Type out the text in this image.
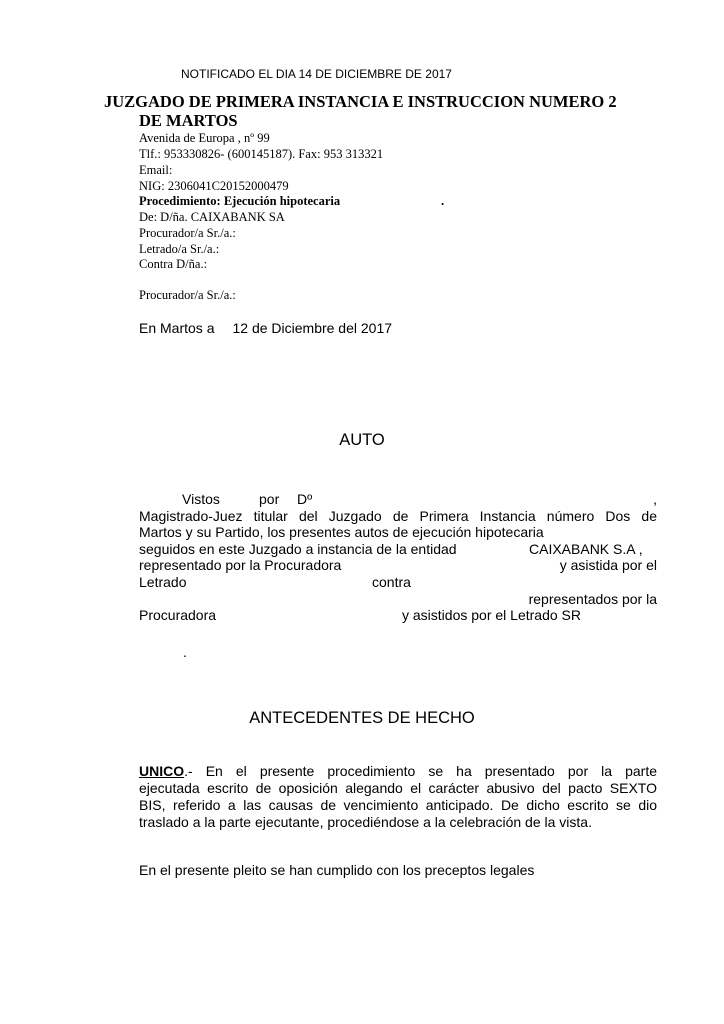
NOTIFICADO EL DIA 14 DE DICIEMBRE DE 2017
JUZGADO DE PRIMERA INSTANCIA E INSTRUCCION NUMERO 2
DE MARTOS
Avenida de Europa , nº 99
Tlf.: 953330826- (600145187). Fax: 953 313321
Email:
NIG: 2306041C20152000479
Procedimiento: Ejecución hipotecaria	.
De: D/ña. CAIXABANK SA
Procurador/a Sr./a.:
Letrado/a Sr./a.:
Contra D/ña.:
Procurador/a Sr./a.:
En Martos a 12 de Diciembre del 2017
AUTO
Vistos	por Dº	,
Magistrado-Juez titular del Juzgado de Primera Instancia número Dos de
Martos y su Partido, los presentes autos de ejecución hipotecaria
seguidos en este Juzgado a instancia de la entidad	CAIXABANK S.A ,
representado por la Procuradora	y asistida por el
Letrado	contra
representados por la
Procuradora	y asistidos por el Letrado SR
.
ANTECEDENTES DE HECHO
UNICO.- En el presente procedimiento se ha presentado por la parte
ejecutada escrito de oposición alegando el carácter abusivo del pacto SEXTO
BIS, referido a las causas de vencimiento anticipado. De dicho escrito se dio
traslado a la parte ejecutante, procediéndose a la celebración de la vista.
En el presente pleito se han cumplido con los preceptos legales
